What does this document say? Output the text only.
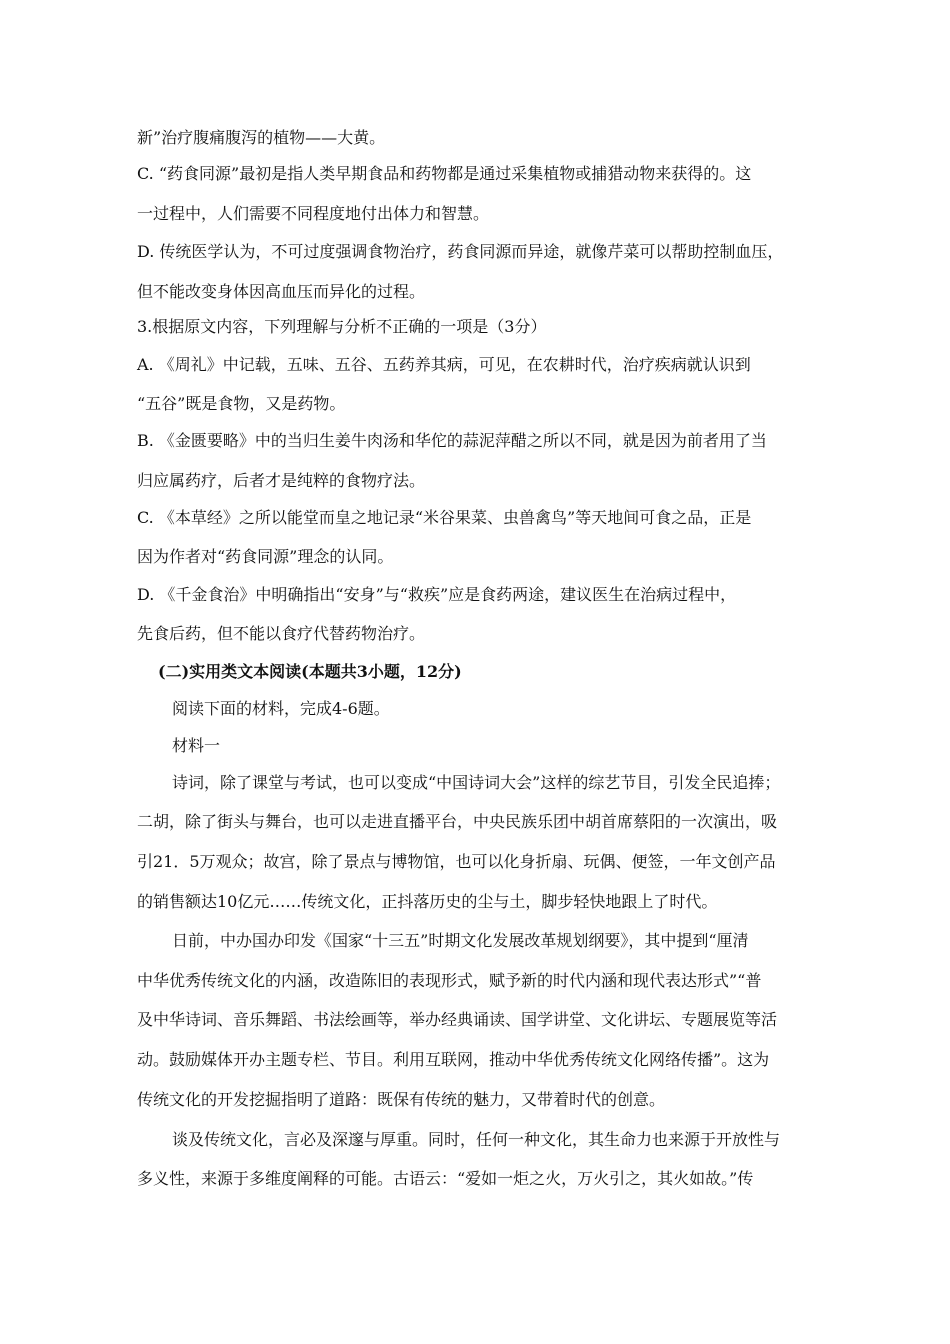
新”治疗腹痛腹泻的植物——大黄。
C. “药食同源”最初是指人类早期食品和药物都是通过采集植物或捕猎动物来获得的。这
一过程中，人们需要不同程度地付出体力和智慧。
D. 传统医学认为，不可过度强调食物治疗，药食同源而异途，就像芹菜可以帮助控制血压，
但不能改变身体因高血压而异化的过程。
3.根据原文内容，下列理解与分析不正确的一项是（3分）
A. 《周礼》中记载，五味、五谷、五药养其病，可见，在农耕时代，治疗疾病就认识到
“五谷”既是食物，又是药物。
B. 《金匮要略》中的当归生姜牛肉汤和华佗的蒜泥萍醋之所以不同，就是因为前者用了当
归应属药疗，后者才是纯粹的食物疗法。
C. 《本草经》之所以能堂而皇之地记录“米谷果菜、虫兽禽鸟”等天地间可食之品，正是
因为作者对“药食同源”理念的认同。
D. 《千金食治》中明确指出“安身”与“救疾”应是食药两途，建议医生在治病过程中，
先食后药，但不能以食疗代替药物治疗。
(二)实用类文本阅读(本题共3小题，12分)
阅读下面的材料，完成4-6题。
材料一
诗词，除了课堂与考试，也可以变成“中国诗词大会”这样的综艺节目，引发全民追捧；
二胡，除了街头与舞台，也可以走进直播平台，中央民族乐团中胡首席蔡阳的一次演出，吸
引21．5万观众；故宫，除了景点与博物馆，也可以化身折扇、玩偶、便签，一年文创产品
的销售额达10亿元……传统文化，正抖落历史的尘与土，脚步轻快地跟上了时代。
日前，中办国办印发《国家“十三五”时期文化发展改革规划纲要》，其中提到“厘清
中华优秀传统文化的内涵，改造陈旧的表现形式，赋予新的时代内涵和现代表达形式”“普
及中华诗词、音乐舞蹈、书法绘画等，举办经典诵读、国学讲堂、文化讲坛、专题展览等活
动。鼓励媒体开办主题专栏、节目。利用互联网，推动中华优秀传统文化网络传播”。这为
传统文化的开发挖掘指明了道路：既保有传统的魅力，又带着时代的创意。
谈及传统文化，言必及深邃与厚重。同时，任何一种文化，其生命力也来源于开放性与
多义性，来源于多维度阐释的可能。古语云：“爱如一炬之火，万火引之，其火如故。”传
